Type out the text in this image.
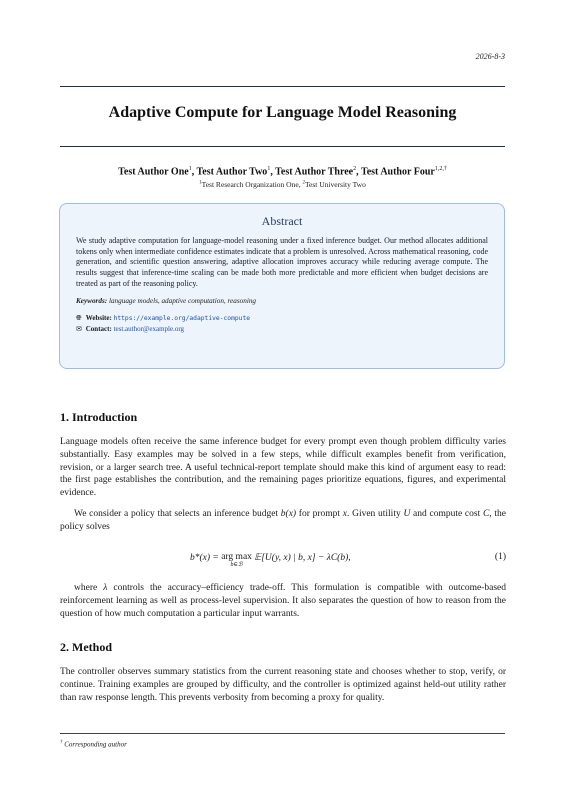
2026-8-3
Adaptive Compute for Language Model Reasoning
Test Author One$^1$, Test Author Two$^1$, Test Author Three$^2$, Test Author Four$^{1,2,\dagger}$
$^1$Test Research Organization One, $^2$Test University Two
Abstract

We study adaptive computation for language-model reasoning under a fixed inference budget. Our method allocates additional tokens only when intermediate confidence estimates indicate that a problem is unresolved. Across mathematical reasoning, code generation, and scientific question answering, adaptive allocation improves accuracy while reducing average compute. The results suggest that inference-time scaling can be made both more predictable and more efficient when budget decisions are treated as part of the reasoning policy.

Keywords: language models, adaptive computation, reasoning
🌐︎ Website: https://example.org/adaptive-compute
✉ Contact: test.author@example.org
1. Introduction

Language models often receive the same inference budget for every prompt even though problem difficulty varies substantially. Easy examples may be solved in a few steps, while difficult examples benefit from verification, revision, or a larger search tree. A useful technical-report template should make this kind of argument easy to read: the first page establishes the contribution, and the remaining pages prioritize equations, figures, and experimental evidence.

We consider a policy that selects an inference budget b(x) for prompt x. Given utility U and compute cost C, the policy solves

b*(x) = arg max
b∈ℬ
𝔼[U(y, x) | b, x] − λC(b),	(1)

where λ controls the accuracy–efficiency trade-off. This formulation is compatible with outcome-based reinforcement learning as well as process-level supervision. It also separates the question of how to reason from the question of how much computation a particular input warrants.

2. Method

The controller observes summary statistics from the current reasoning state and chooses whether to stop, verify, or continue. Training examples are grouped by difficulty, and the controller is optimized against held-out utility rather than raw response length. This prevents verbosity from becoming a proxy for quality.

† Corresponding author
